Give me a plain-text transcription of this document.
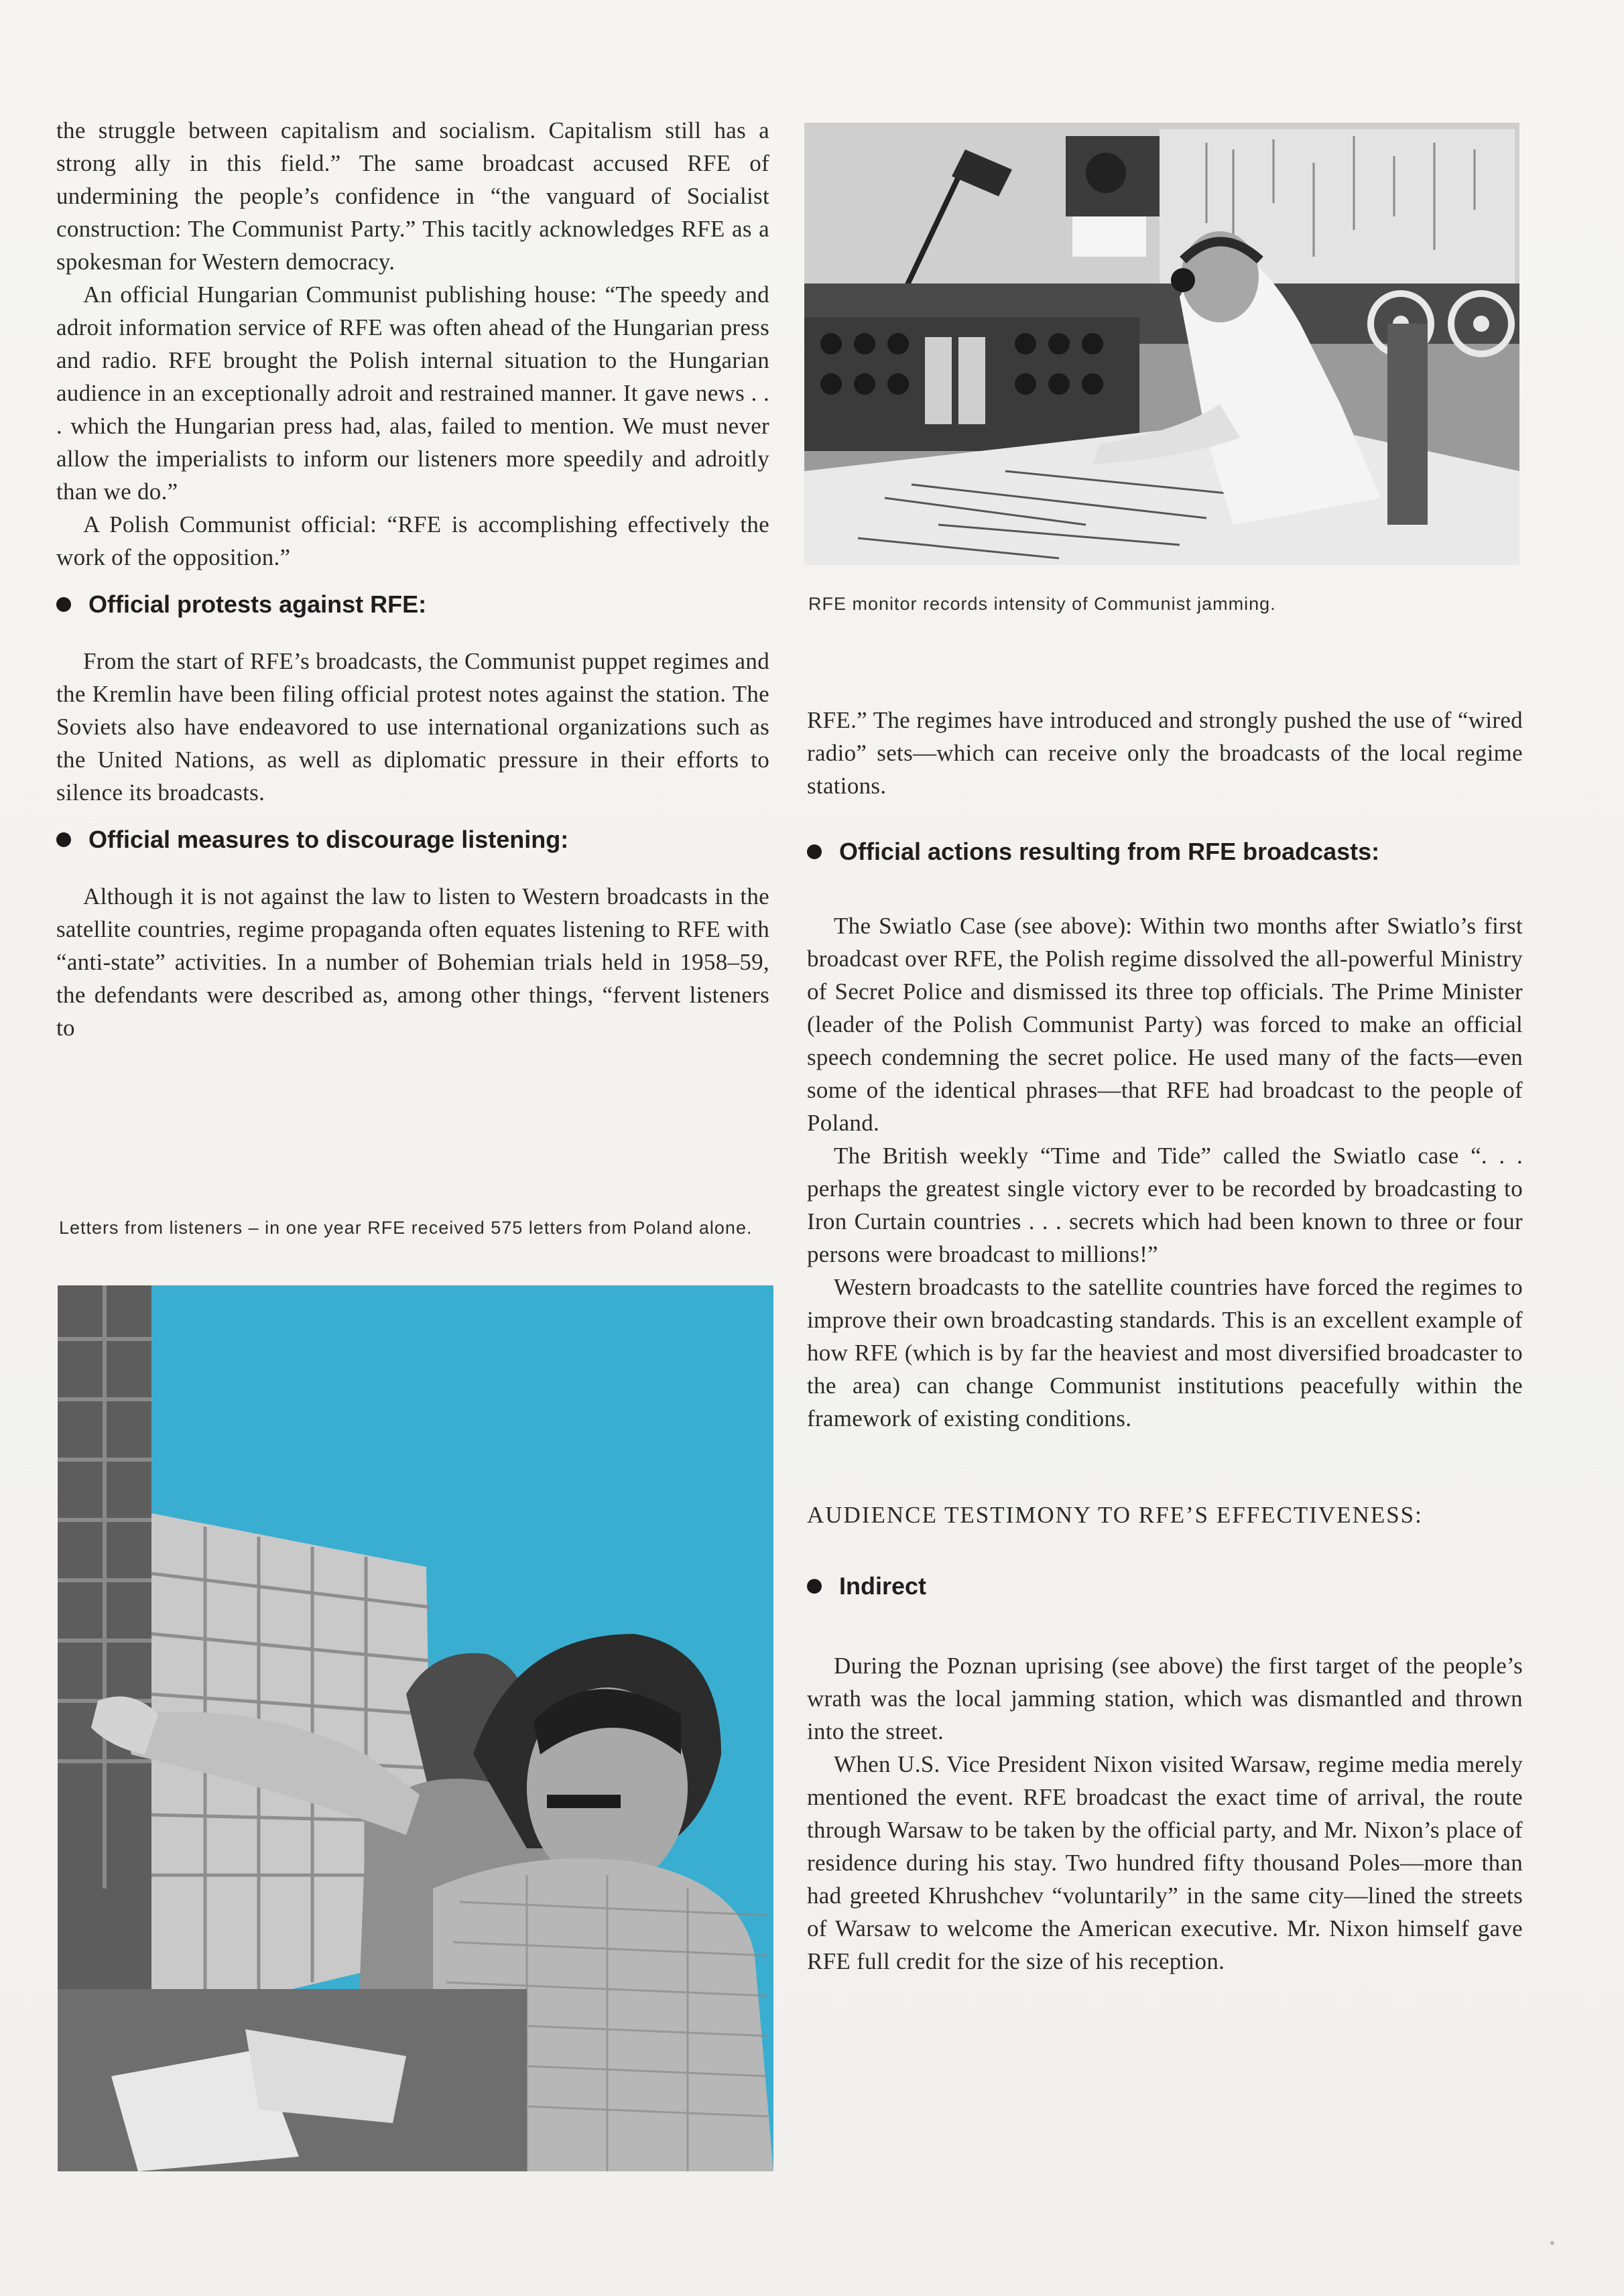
the struggle between capitalism and socialism. Capitalism still has a strong ally in this field.” The same broadcast accused RFE of undermining the people’s confidence in “the vanguard of Socialist construction: The Communist Party.” This tacitly acknowledges RFE as a spokesman for Western democracy.

An official Hungarian Communist publishing house: “The speedy and adroit information service of RFE was often ahead of the Hungarian press and radio. RFE brought the Polish internal situation to the Hungarian audience in an exceptionally adroit and restrained manner. It gave news . . . which the Hungarian press had, alas, failed to mention. We must never allow the imperialists to inform our listeners more speedily and adroitly than we do.”

A Polish Communist official: “RFE is accomplishing effectively the work of the opposition.”

Official protests against RFE:

From the start of RFE’s broadcasts, the Communist puppet regimes and the Kremlin have been filing official protest notes against the station. The Soviets also have endeavored to use international organizations such as the United Nations, as well as diplomatic pressure in their efforts to silence its broadcasts.

Official measures to discourage listening:

Although it is not against the law to listen to Western broadcasts in the satellite countries, regime propaganda often equates listening to RFE with “anti-state” activities. In a number of Bohemian trials held in 1958–59, the defendants were described as, among other things, “fervent listeners to

RFE monitor records intensity of Communist jamming.

RFE.” The regimes have introduced and strongly pushed the use of “wired radio” sets—which can receive only the broadcasts of the local regime stations.

Official actions resulting from RFE broadcasts:

The Swiatlo Case (see above): Within two months after Swiatlo’s first broadcast over RFE, the Polish regime dissolved the all-powerful Ministry of Secret Police and dismissed its three top officials. The Prime Minister (leader of the Polish Communist Party) was forced to make an official speech condemning the secret police. He used many of the facts—even some of the identical phrases—that RFE had broadcast to the people of Poland.

The British weekly “Time and Tide” called the Swiatlo case “. . . perhaps the greatest single victory ever to be recorded by broadcasting to Iron Curtain countries . . . secrets which had been known to three or four persons were broadcast to millions!”

Western broadcasts to the satellite countries have forced the regimes to improve their own broadcasting standards. This is an excellent example of how RFE (which is by far the heaviest and most diversified broadcaster to the area) can change Communist institutions peacefully within the framework of existing conditions.

AUDIENCE TESTIMONY TO RFE’S EFFECTIVENESS:
Indirect

During the Poznan uprising (see above) the first target of the people’s wrath was the local jamming station, which was dismantled and thrown into the street.

When U.S. Vice President Nixon visited Warsaw, regime media merely mentioned the event. RFE broadcast the exact time of arrival, the route through Warsaw to be taken by the official party, and Mr. Nixon’s place of residence during his stay. Two hundred fifty thousand Poles—more than had greeted Khrushchev “voluntarily” in the same city—lined the streets of Warsaw to welcome the American executive. Mr. Nixon himself gave RFE full credit for the size of his reception.

Letters from listeners – in one year RFE received 575 letters from Poland alone.
